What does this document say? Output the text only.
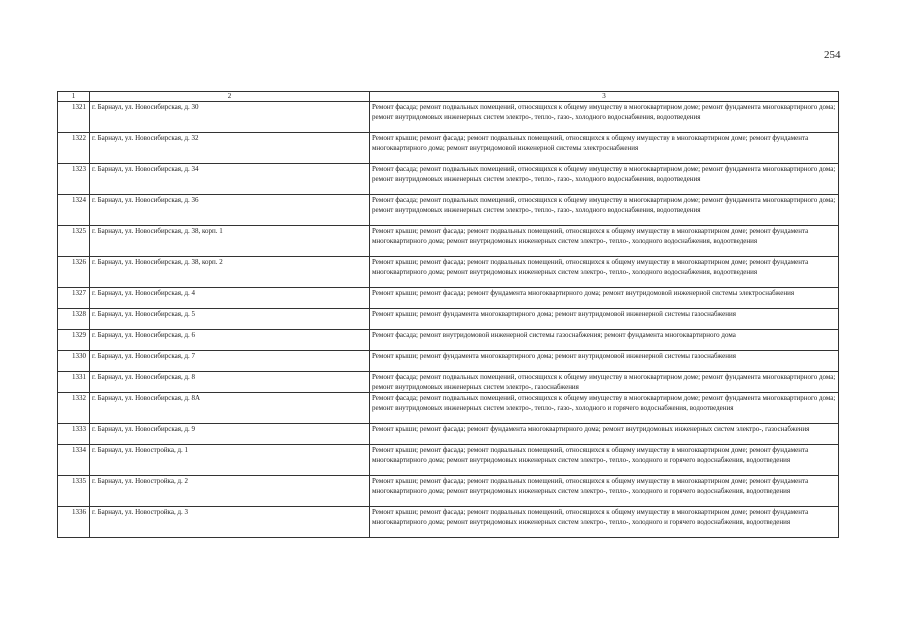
254
1	2	3
1321	г. Барнаул, ул. Новосибирская, д. 30	Ремонт фасада; ремонт подвальных помещений, относящихся к общему имуществу в многоквартирном доме; ремонт фундамента многоквартирного дома; ремонт внутридомовых инженерных систем электро-, тепло-, газо-, холодного водоснабжения, водоотведения
1322	г. Барнаул, ул. Новосибирская, д. 32	Ремонт крыши; ремонт фасада; ремонт подвальных помещений, относящихся к общему имуществу в многоквартирном доме; ремонт фундамента многоквартирного дома; ремонт внутридомовой инженерной системы электроснабжения
1323	г. Барнаул, ул. Новосибирская, д. 34	Ремонт фасада; ремонт подвальных помещений, относящихся к общему имуществу в многоквартирном доме; ремонт фундамента многоквартирного дома; ремонт внутридомовых инженерных систем электро-, тепло-, газо-, холодного водоснабжения, водоотведения
1324	г. Барнаул, ул. Новосибирская, д. 36	Ремонт фасада; ремонт подвальных помещений, относящихся к общему имуществу в многоквартирном доме; ремонт фундамента многоквартирного дома; ремонт внутридомовых инженерных систем электро-, тепло-, газо-, холодного водоснабжения, водоотведения
1325	г. Барнаул, ул. Новосибирская, д. 38, корп. 1	Ремонт крыши; ремонт фасада; ремонт подвальных помещений, относящихся к общему имуществу в многоквартирном доме; ремонт фундамента многоквартирного дома; ремонт внутридомовых инженерных систем электро-, тепло-, холодного водоснабжения, водоотведения
1326	г. Барнаул, ул. Новосибирская, д. 38, корп. 2	Ремонт крыши; ремонт фасада; ремонт подвальных помещений, относящихся к общему имуществу в многоквартирном доме; ремонт фундамента многоквартирного дома; ремонт внутридомовых инженерных систем электро-, тепло-, холодного водоснабжения, водоотведения
1327	г. Барнаул, ул. Новосибирская, д. 4	Ремонт крыши; ремонт фасада; ремонт фундамента многоквартирного дома; ремонт внутридомовой инженерной системы электроснабжения
1328	г. Барнаул, ул. Новосибирская, д. 5	Ремонт крыши; ремонт фундамента многоквартирного дома; ремонт внутридомовой инженерной системы газоснабжения
1329	г. Барнаул, ул. Новосибирская, д. 6	Ремонт фасада; ремонт внутридомовой инженерной системы газоснабжения; ремонт фундамента многоквартирного дома
1330	г. Барнаул, ул. Новосибирская, д. 7	Ремонт крыши; ремонт фундамента многоквартирного дома; ремонт внутридомовой инженерной системы газоснабжения
1331	г. Барнаул, ул. Новосибирская, д. 8	Ремонт фасада; ремонт подвальных помещений, относящихся к общему имуществу в многоквартирном доме; ремонт фундамента многоквартирного дома; ремонт внутридомовых инженерных систем электро-, газоснабжения
1332	г. Барнаул, ул. Новосибирская, д. 8А	Ремонт фасада; ремонт подвальных помещений, относящихся к общему имуществу в многоквартирном доме; ремонт фундамента многоквартирного дома; ремонт внутридомовых инженерных систем электро-, тепло-, газо-, холодного и горячего водоснабжения, водоотведения
1333	г. Барнаул, ул. Новосибирская, д. 9	Ремонт крыши; ремонт фасада; ремонт фундамента многоквартирного дома; ремонт внутридомовых инженерных систем электро-, газоснабжения
1334	г. Барнаул, ул. Новостройка, д. 1	Ремонт крыши; ремонт фасада; ремонт подвальных помещений, относящихся к общему имуществу в многоквартирном доме; ремонт фундамента многоквартирного дома; ремонт внутридомовых инженерных систем электро-, тепло-, холодного и горячего водоснабжения, водоотведения
1335	г. Барнаул, ул. Новостройка, д. 2	Ремонт крыши; ремонт фасада; ремонт подвальных помещений, относящихся к общему имуществу в многоквартирном доме; ремонт фундамента многоквартирного дома; ремонт внутридомовых инженерных систем электро-, тепло-, холодного и горячего водоснабжения, водоотведения
1336	г. Барнаул, ул. Новостройка, д. 3	Ремонт крыши; ремонт фасада; ремонт подвальных помещений, относящихся к общему имуществу в многоквартирном доме; ремонт фундамента многоквартирного дома; ремонт внутридомовых инженерных систем электро-, тепло-, холодного и горячего водоснабжения, водоотведения
